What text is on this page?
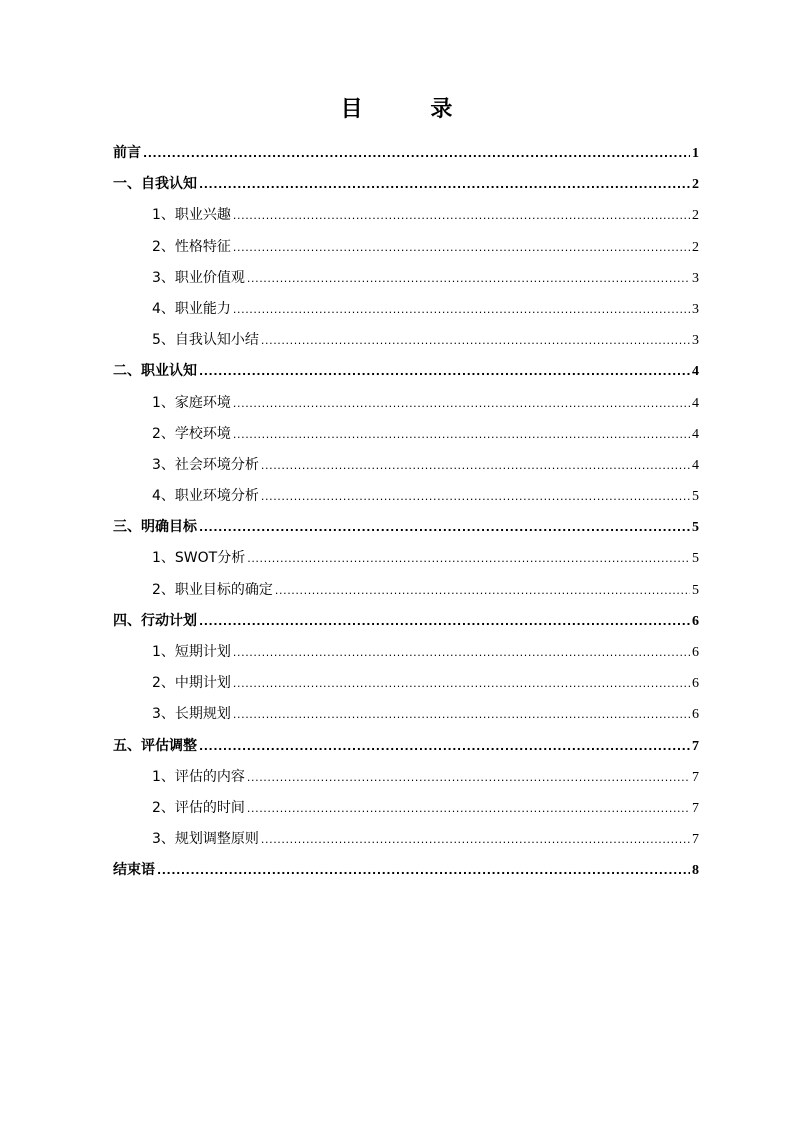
目 录
前言 .....	1
一、自我认知 .....	2
1、职业兴趣 .....	2
2、性格特征 .....	2
3、职业价值观 .....	3
4、职业能力 .....	3
5、自我认知小结 .....	3
二、职业认知 .....	4
1、家庭环境 .....	4
2、学校环境 .....	4
3、社会环境分析 .....	4
4、职业环境分析 .....	5
三、明确目标 .....	5
1、SWOT分析 .....	5
2、职业目标的确定 .....	5
四、行动计划 .....	6
1、短期计划 .....	6
2、中期计划 .....	6
3、长期规划 .....	6
五、评估调整 .....	7
1、评估的内容 .....	7
2、评估的时间 .....	7
3、规划调整原则 .....	7
结束语 .....	8
